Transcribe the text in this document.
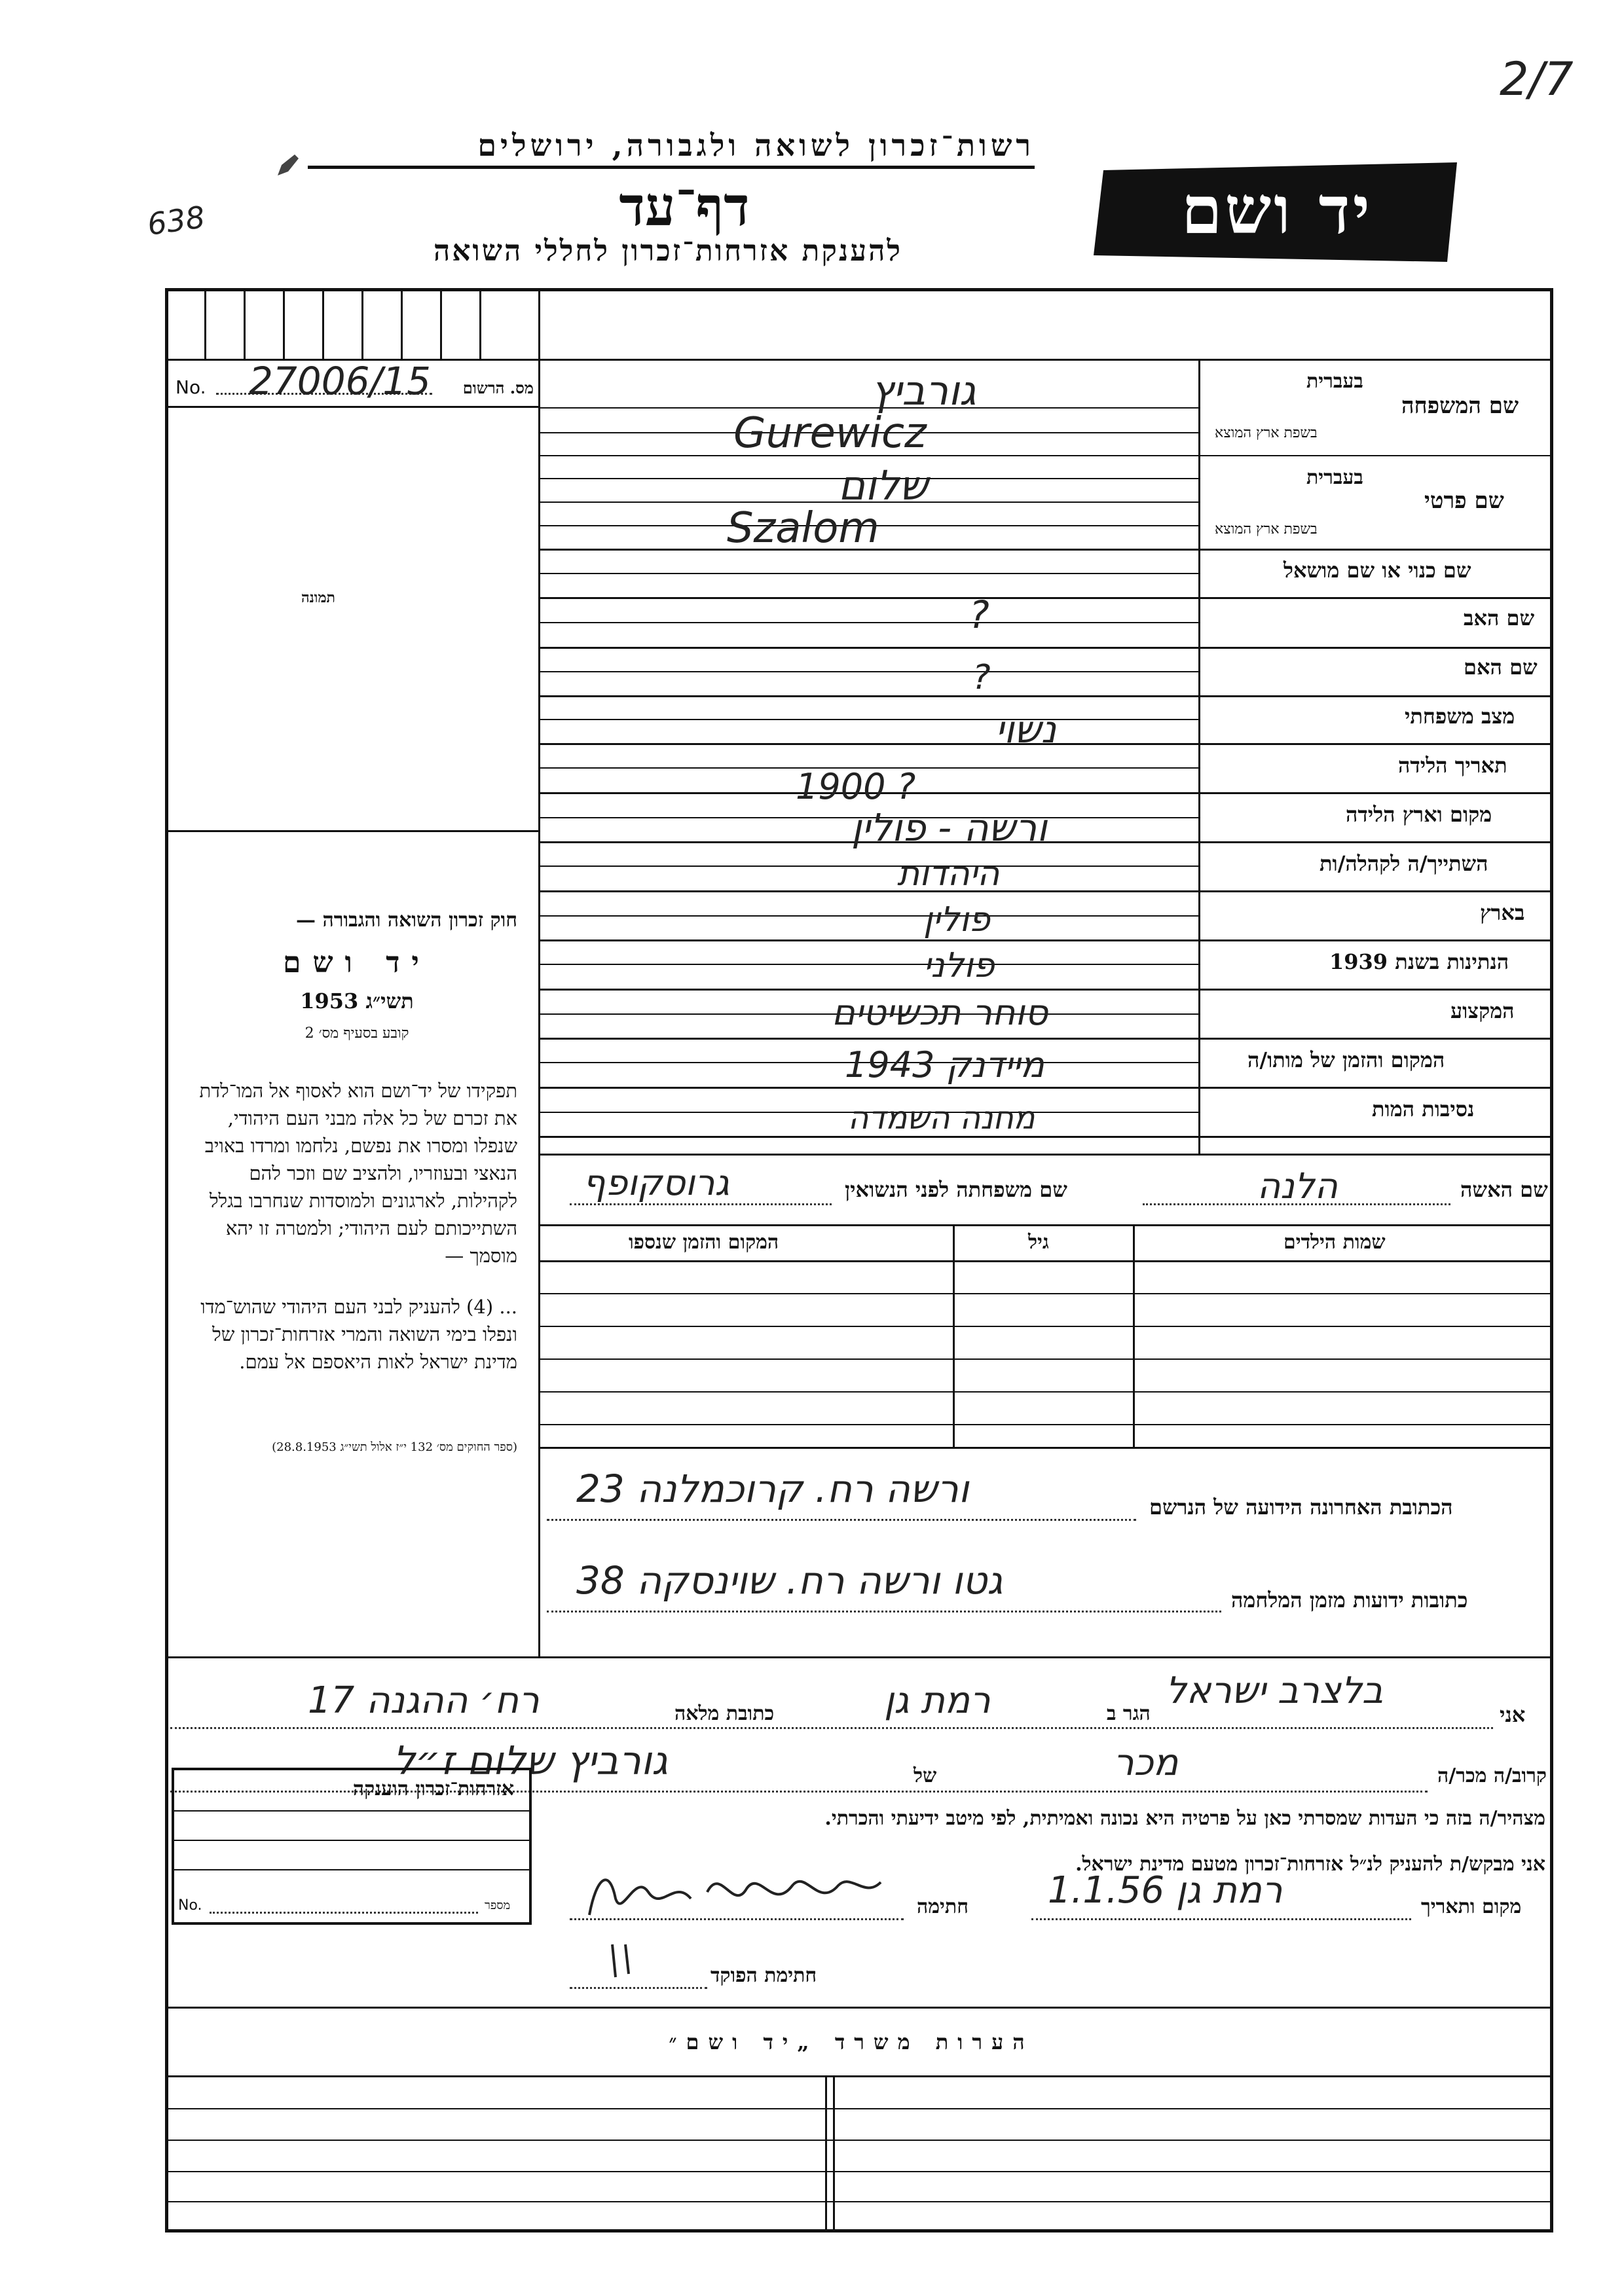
רשות־זכרון לשואה ולגבורה, ירושלים
דף־עד
להענקת אזרחות־זכרון לחללי השואה
638
2/7
יד ושם
No. 27006/15	מס. הרשום
תמונה
חוק זכרון השואה והגבורה —
יד ושם
תשי״ג 1953
קובע בסעיף מס׳ 2
תפקידו של יד־ושם הוא לאסוף אל המו־לדת את זכרם של כל אלה מבני העם היהודי, שנפלו ומסרו את נפשם, נלחמו ומרדו באויב הנאצי ובעוזריו, ולהציב שם וזכר להם לקהילות, לארגונים ולמוסדות שנחרבו בגלל השתייכותם לעם היהודי; ולמטרה זו יהא מוסמך —
... (4) להעניק לבני העם היהודי שהוש־מדו ונפלו בימי השואה והמרי אזרחות־זכרון של מדינת ישראל לאות היאספם אל עמם.
(ספר החוקים מס׳ 132 י״ז אלול תשי״ג 28.8.1953)
בעברית
שם המשפחה
בשפת ארץ המוצא
גורביץ
Gurewicz
בעברית
שם פרטי
בשפת ארץ המוצא
שלום
Szalom
שם כנוי או שם מושאל
שם האב
?
שם האם
?
מצב משפחתי
נשוי
תאריך הלידה
1900 ?
מקום וארץ הלידה
ורשה - פולין
השתייך/ה לקהלה/ות
היהדות
בארץ
פולין
הנתינות בשנת 1939
פולני
המקצוע
סוחר תכשיטים
המקום והזמן של מותו/ה
מיידנק 1943
נסיבות המות
מחנה השמדה
שם האשה
הלנה
שם משפחתה לפני הנשואין
גרוסקופף
שמות הילדים
גיל
המקום והזמן שנספו
הכתובת האחרונה הידועה של הנרשם
ורשה רח. קרוכמלנה 23
כתובות ידועות מזמן המלחמה
גטו ורשה רח. שוינסקה 38
אני
בלצרב ישראל
הגר ב
רמת גן
כתובת מלאה
רח׳ ההגנה 17
קרוב/ה מכר/ה
מכר
של
גורביץ שלום ז״ל
מצהיר/ה בזה כי העדות שמסרתי כאן על פרטיה היא נכונה ואמיתית, לפי מיטב ידיעתי והכרתי.
אני מבקש/ת להעניק לנ״ל אזרחות־זכרון מטעם מדינת ישראל.
מקום ותאריך
רמת גן 1.1.56
חתימה
חתימת הפוקד
אזרחות־זכרון הוענקה
No.	מספר
הערות משרד „יד ושם״
